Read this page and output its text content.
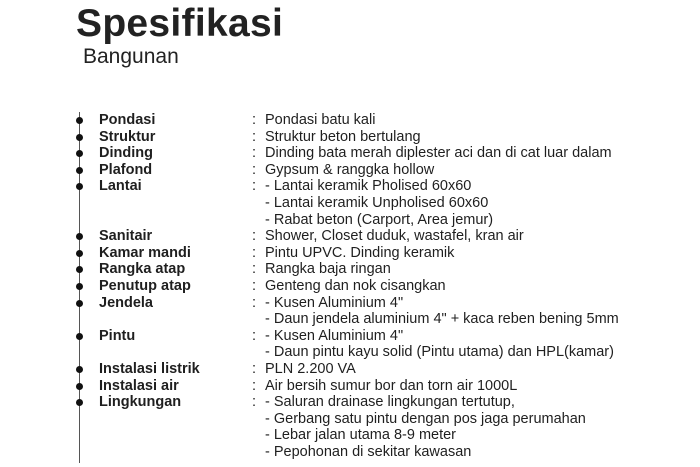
Spesifikasi
Bangunan
Pondasi	: Pondasi batu kali
Struktur	: Struktur beton bertulang
Dinding	: Dinding bata merah diplester aci dan di cat luar dalam
Plafond	: Gypsum & ranggka hollow
Lantai	: - Lantai keramik Pholised 60x60
- Lantai keramik Unpholised 60x60
- Rabat beton (Carport, Area jemur)
Sanitair	: Shower, Closet duduk, wastafel, kran air
Kamar mandi	: Pintu UPVC. Dinding keramik
Rangka atap	: Rangka baja ringan
Penutup atap	: Genteng dan nok cisangkan
Jendela	: - Kusen Aluminium 4"
- Daun jendela aluminium 4" + kaca reben bening 5mm
Pintu	: - Kusen Aluminium 4"
- Daun pintu kayu solid (Pintu utama) dan HPL(kamar)
Instalasi listrik	: PLN 2.200 VA
Instalasi air	: Air bersih sumur bor dan torn air 1000L
Lingkungan	: - Saluran drainase lingkungan tertutup,
- Gerbang satu pintu dengan pos jaga perumahan
- Lebar jalan utama 8-9 meter
- Pepohonan di sekitar kawasan
